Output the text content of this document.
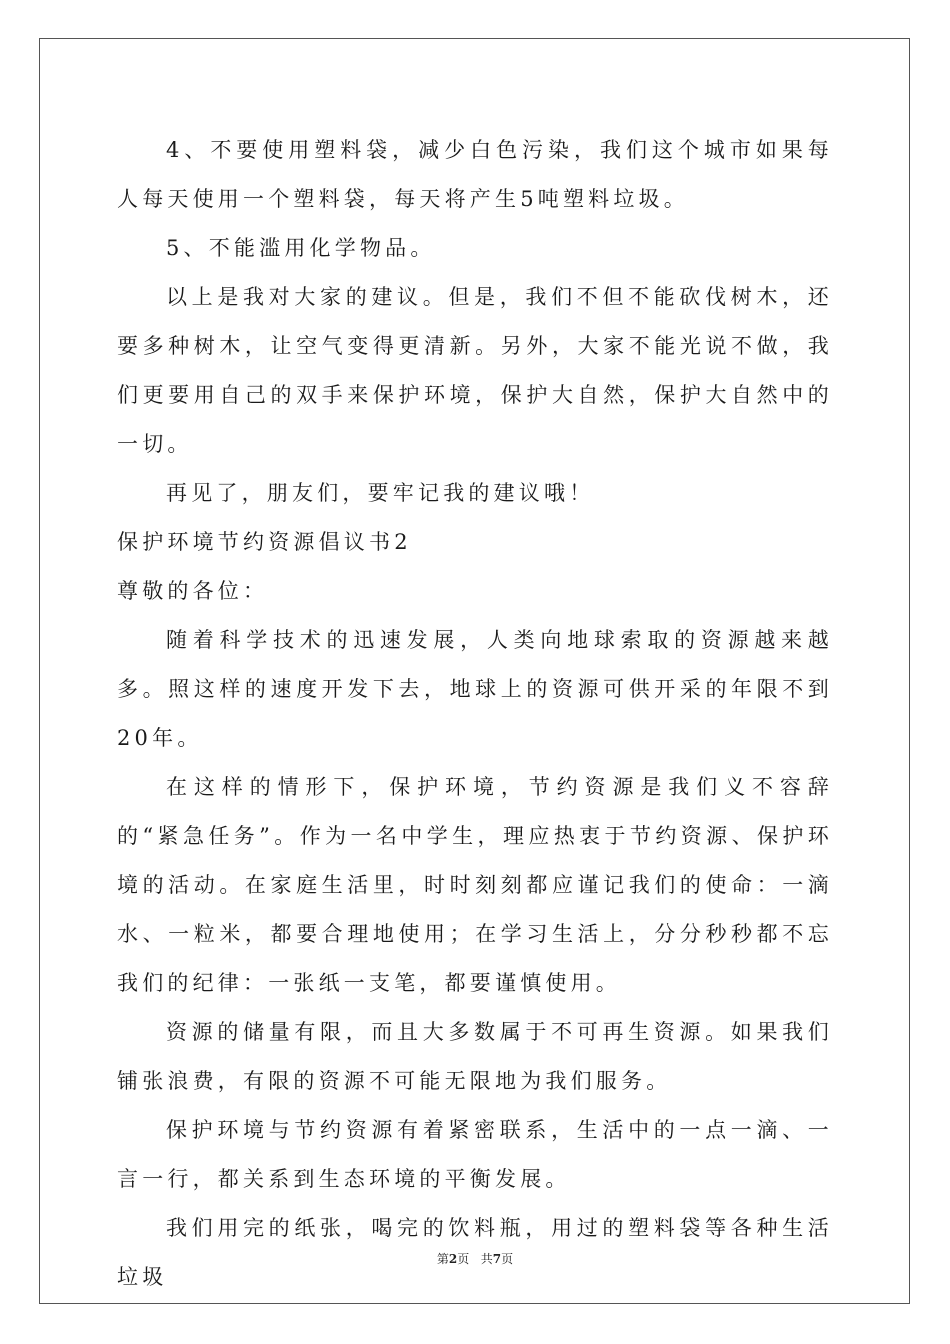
4、不要使用塑料袋，减少白色污染，我们这个城市如果每人每天使用一个塑料袋，每天将产生5吨塑料垃圾。

5、不能滥用化学物品。

以上是我对大家的建议。但是，我们不但不能砍伐树木，还要多种树木，让空气变得更清新。另外，大家不能光说不做，我们更要用自己的双手来保护环境，保护大自然，保护大自然中的一切。

再见了，朋友们，要牢记我的建议哦！

保护环境节约资源倡议书2

尊敬的各位：

随着科学技术的迅速发展，人类向地球索取的资源越来越多。照这样的速度开发下去，地球上的资源可供开采的年限不到20年。

在这样的情形下，保护环境，节约资源是我们义不容辞的“紧急任务”。作为一名中学生，理应热衷于节约资源、保护环境的活动。在家庭生活里，时时刻刻都应谨记我们的使命：一滴水、一粒米，都要合理地使用；在学习生活上，分分秒秒都不忘我们的纪律：一张纸一支笔，都要谨慎使用。

资源的储量有限，而且大多数属于不可再生资源。如果我们铺张浪费，有限的资源不可能无限地为我们服务。

保护环境与节约资源有着紧密联系，生活中的一点一滴、一言一行，都关系到生态环境的平衡发展。

我们用完的纸张，喝完的饮料瓶，用过的塑料袋等各种生活垃圾

第2页 共7页
